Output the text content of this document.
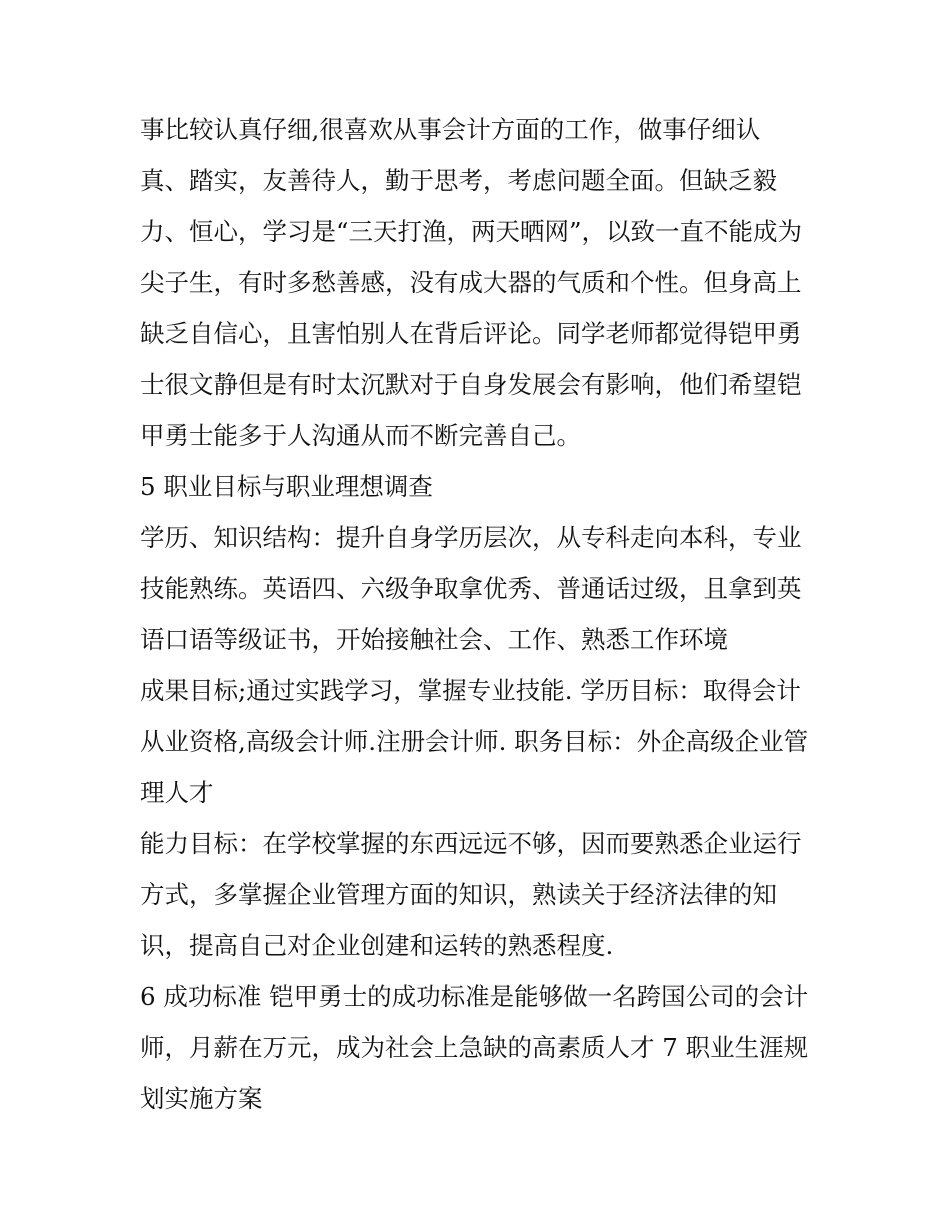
事比较认真仔细,很喜欢从事会计方面的工作，做事仔细认
真、踏实，友善待人，勤于思考，考虑问题全面。但缺乏毅
力、恒心，学习是“三天打渔，两天晒网”，以致一直不能成为
尖子生，有时多愁善感，没有成大器的气质和个性。但身高上
缺乏自信心，且害怕别人在背后评论。同学老师都觉得铠甲勇
士很文静但是有时太沉默对于自身发展会有影响，他们希望铠
甲勇士能多于人沟通从而不断完善自己。
5 职业目标与职业理想调查
学历、知识结构：提升自身学历层次，从专科走向本科，专业
技能熟练。英语四、六级争取拿优秀、普通话过级，且拿到英
语口语等级证书，开始接触社会、工作、熟悉工作环境
成果目标;通过实践学习，掌握专业技能. 学历目标：取得会计
从业资格,高级会计师.注册会计师. 职务目标：外企高级企业管
理人才
能力目标：在学校掌握的东西远远不够，因而要熟悉企业运行
方式，多掌握企业管理方面的知识，熟读关于经济法律的知
识，提高自己对企业创建和运转的熟悉程度.
6 成功标准 铠甲勇士的成功标准是能够做一名跨国公司的会计
师，月薪在万元，成为社会上急缺的高素质人才 7 职业生涯规
划实施方案
